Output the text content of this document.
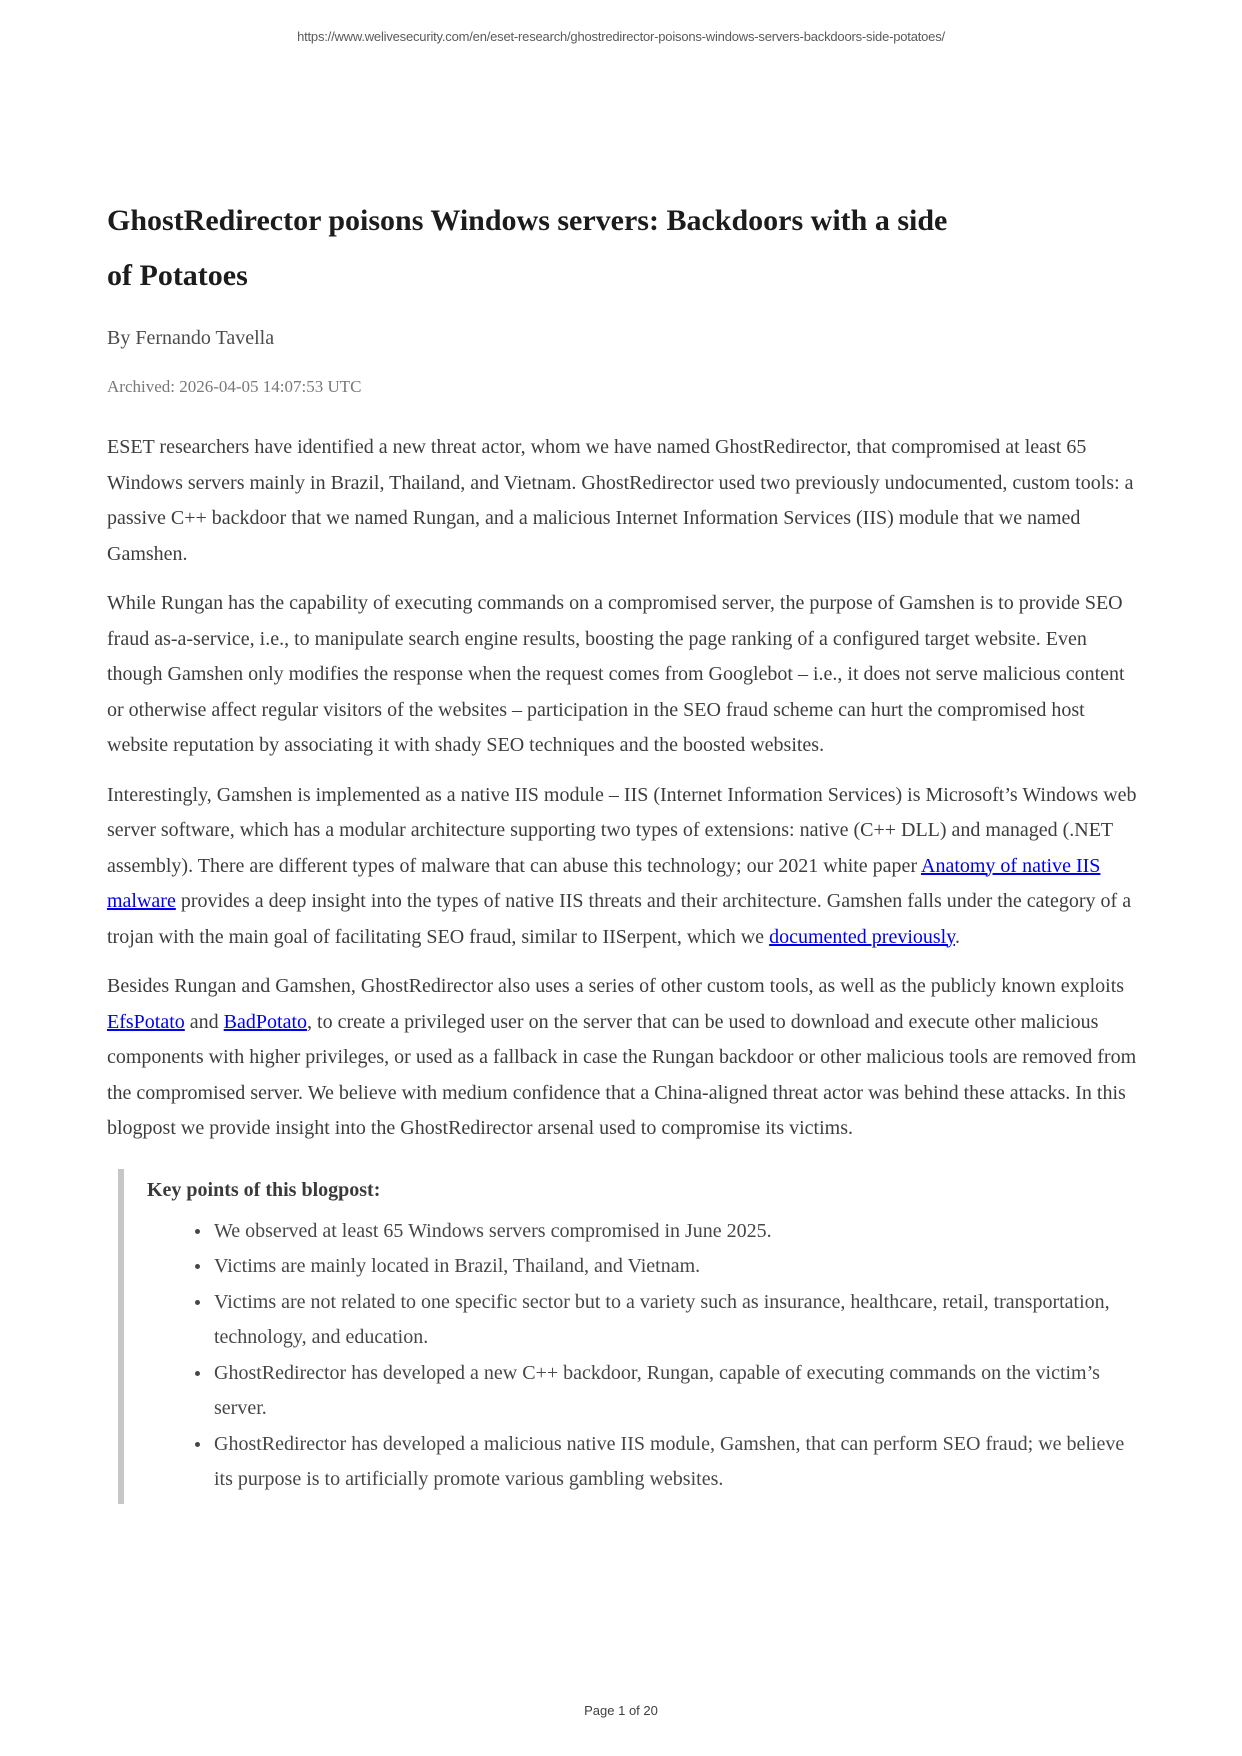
https://www.welivesecurity.com/en/eset-research/ghostredirector-poisons-windows-servers-backdoors-side-potatoes/
GhostRedirector poisons Windows servers: Backdoors with a side
of Potatoes
By Fernando Tavella
Archived: 2026-04-05 14:07:53 UTC

ESET researchers have identified a new threat actor, whom we have named GhostRedirector, that compromised at least 65 Windows servers mainly in Brazil, Thailand, and Vietnam. GhostRedirector used two previously undocumented, custom tools: a passive C++ backdoor that we named Rungan, and a malicious Internet Information Services (IIS) module that we named Gamshen.

While Rungan has the capability of executing commands on a compromised server, the purpose of Gamshen is to provide SEO fraud as-a-service, i.e., to manipulate search engine results, boosting the page ranking of a configured target website. Even though Gamshen only modifies the response when the request comes from Googlebot – i.e., it does not serve malicious content or otherwise affect regular visitors of the websites – participation in the SEO fraud scheme can hurt the compromised host website reputation by associating it with shady SEO techniques and the boosted websites.

Interestingly, Gamshen is implemented as a native IIS module – IIS (Internet Information Services) is Microsoft’s Windows web server software, which has a modular architecture supporting two types of extensions: native (C++ DLL) and managed (.NET assembly). There are different types of malware that can abuse this technology; our 2021 white paper Anatomy of native IIS malware provides a deep insight into the types of native IIS threats and their architecture. Gamshen falls under the category of a trojan with the main goal of facilitating SEO fraud, similar to IISerpent, which we documented previously.

Besides Rungan and Gamshen, GhostRedirector also uses a series of other custom tools, as well as the publicly known exploits EfsPotato and BadPotato, to create a privileged user on the server that can be used to download and execute other malicious components with higher privileges, or used as a fallback in case the Rungan backdoor or other malicious tools are removed from the compromised server. We believe with medium confidence that a China-aligned threat actor was behind these attacks. In this blogpost we provide insight into the GhostRedirector arsenal used to compromise its victims.

Key points of this blogpost:
• We observed at least 65 Windows servers compromised in June 2025.
• Victims are mainly located in Brazil, Thailand, and Vietnam.
• Victims are not related to one specific sector but to a variety such as insurance, healthcare, retail, transportation, technology, and education.
• GhostRedirector has developed a new C++ backdoor, Rungan, capable of executing commands on the victim’s server.
• GhostRedirector has developed a malicious native IIS module, Gamshen, that can perform SEO fraud; we believe its purpose is to artificially promote various gambling websites.
Page 1 of 20
